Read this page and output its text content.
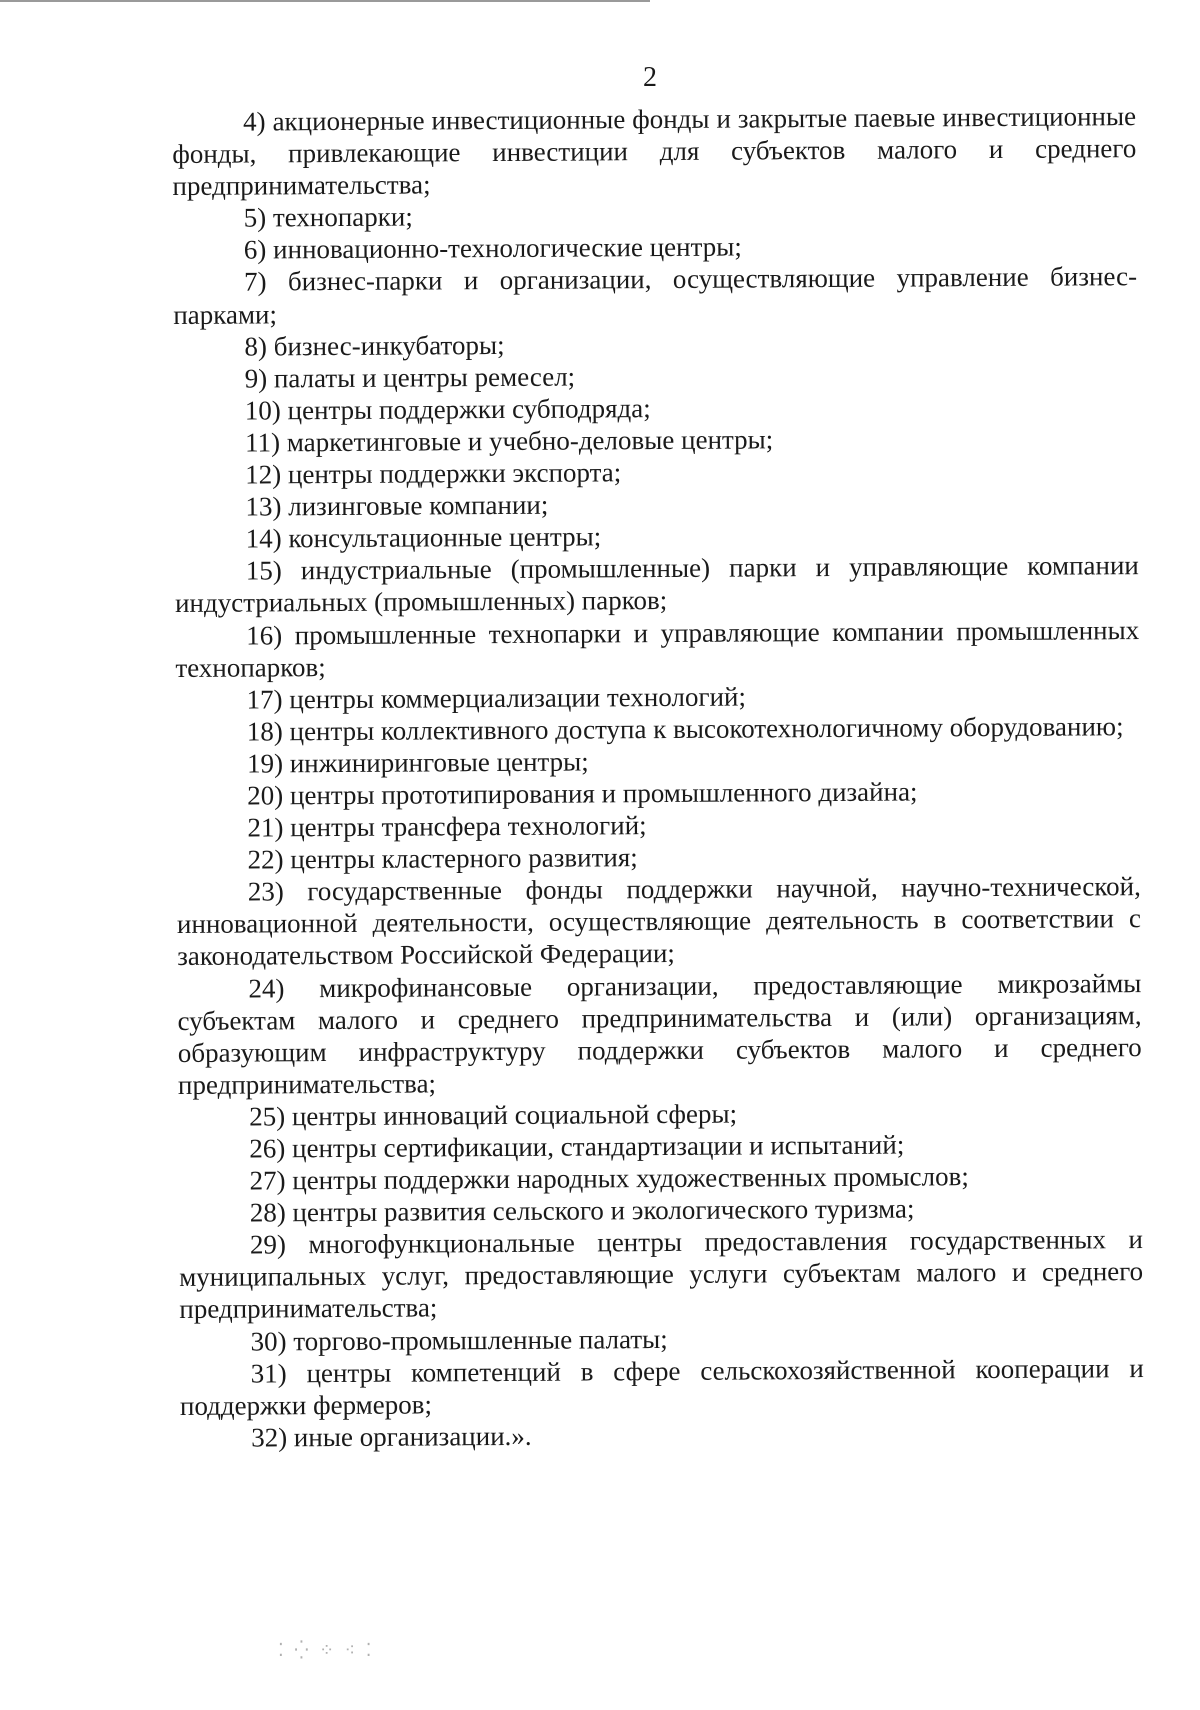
2

4) акционерные инвестиционные фонды и закрытые паевые инвестиционные фонды, привлекающие инвестиции для субъектов малого и среднего предпринимательства;

5) технопарки;

6) инновационно-технологические центры;

7) бизнес-парки и организации, осуществляющие управление бизнес-парками;

8) бизнес-инкубаторы;

9) палаты и центры ремесел;

10) центры поддержки субподряда;

11) маркетинговые и учебно-деловые центры;

12) центры поддержки экспорта;

13) лизинговые компании;

14) консультационные центры;

15) индустриальные (промышленные) парки и управляющие компании индустриальных (промышленных) парков;

16) промышленные технопарки и управляющие компании промышленных технопарков;

17) центры коммерциализации технологий;

18) центры коллективного доступа к высокотехнологичному оборудованию;

19) инжиниринговые центры;

20) центры прототипирования и промышленного дизайна;

21) центры трансфера технологий;

22) центры кластерного развития;

23) государственные фонды поддержки научной, научно-технической, инновационной деятельности, осуществляющие деятельность в соответствии с законодательством Российской Федерации;

24) микрофинансовые организации, предоставляющие микрозаймы субъектам малого и среднего предпринимательства и (или) организациям, образующим инфраструктуру поддержки субъектов малого и среднего предпринимательства;

25) центры инноваций социальной сферы;

26) центры сертификации, стандартизации и испытаний;

27) центры поддержки народных художественных промыслов;

28) центры развития сельского и экологического туризма;

29) многофункциональные центры предоставления государственных и муниципальных услуг, предоставляющие услуги субъектам малого и среднего предпринимательства;

30) торгово-промышленные палаты;

31) центры компетенций в сфере сельскохозяйственной кооперации и поддержки фермеров;

32) иные организации.».

⁚ ⁛ ⁘ ⁖ ⁚
